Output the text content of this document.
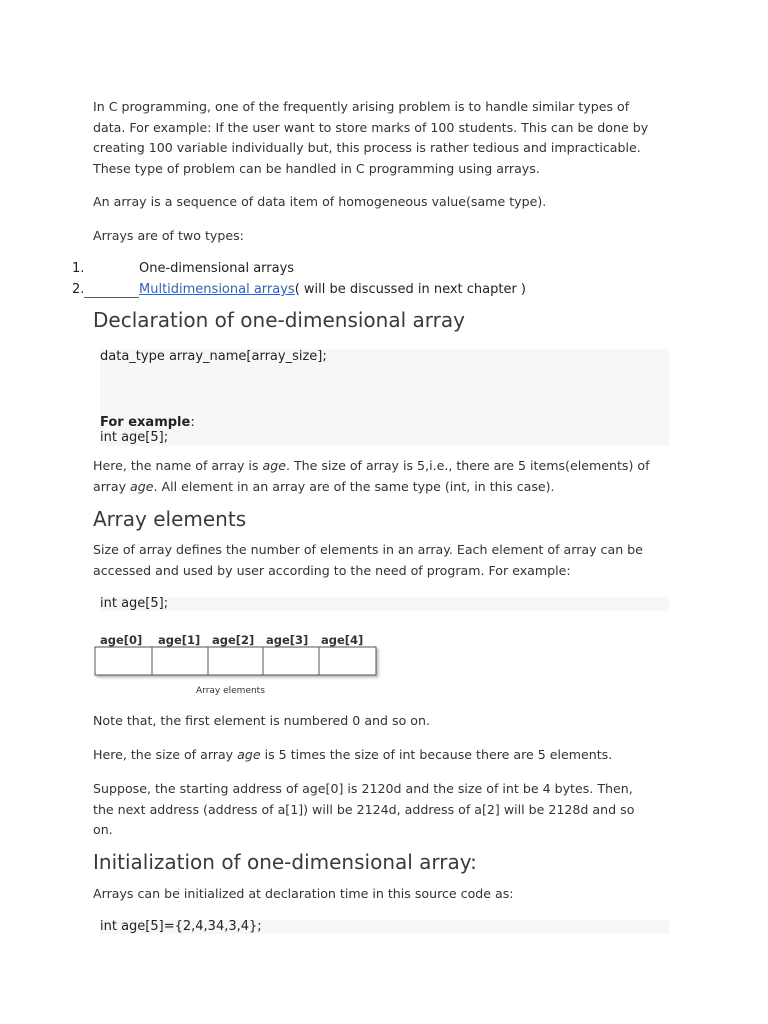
In C programming, one of the frequently arising problem is to handle similar types of
data. For example: If the user want to store marks of 100 students. This can be done by
creating 100 variable individually but, this process is rather tedious and impracticable.
These type of problem can be handled in C programming using arrays.
An array is a sequence of data item of homogeneous value(same type).
Arrays are of two types:
1.	One-dimensional arrays
2.	Multidimensional arrays( will be discussed in next chapter )
Declaration of one-dimensional array
data_type array_name[array_size];
For example:
int age[5];
Here, the name of array is age. The size of array is 5,i.e., there are 5 items(elements) of
array age. All element in an array are of the same type (int, in this case).
Array elements
Size of array defines the number of elements in an array. Each element of array can be
accessed and used by user according to the need of program. For example:
int age[5];
age[0] age[1] age[2] age[3] age[4]
Array elements
Note that, the first element is numbered 0 and so on.
Here, the size of array age is 5 times the size of int because there are 5 elements.
Suppose, the starting address of age[0] is 2120d and the size of int be 4 bytes. Then,
the next address (address of a[1]) will be 2124d, address of a[2] will be 2128d and so
on.
Initialization of one-dimensional array:
Arrays can be initialized at declaration time in this source code as:
int age[5]={2,4,34,3,4};
